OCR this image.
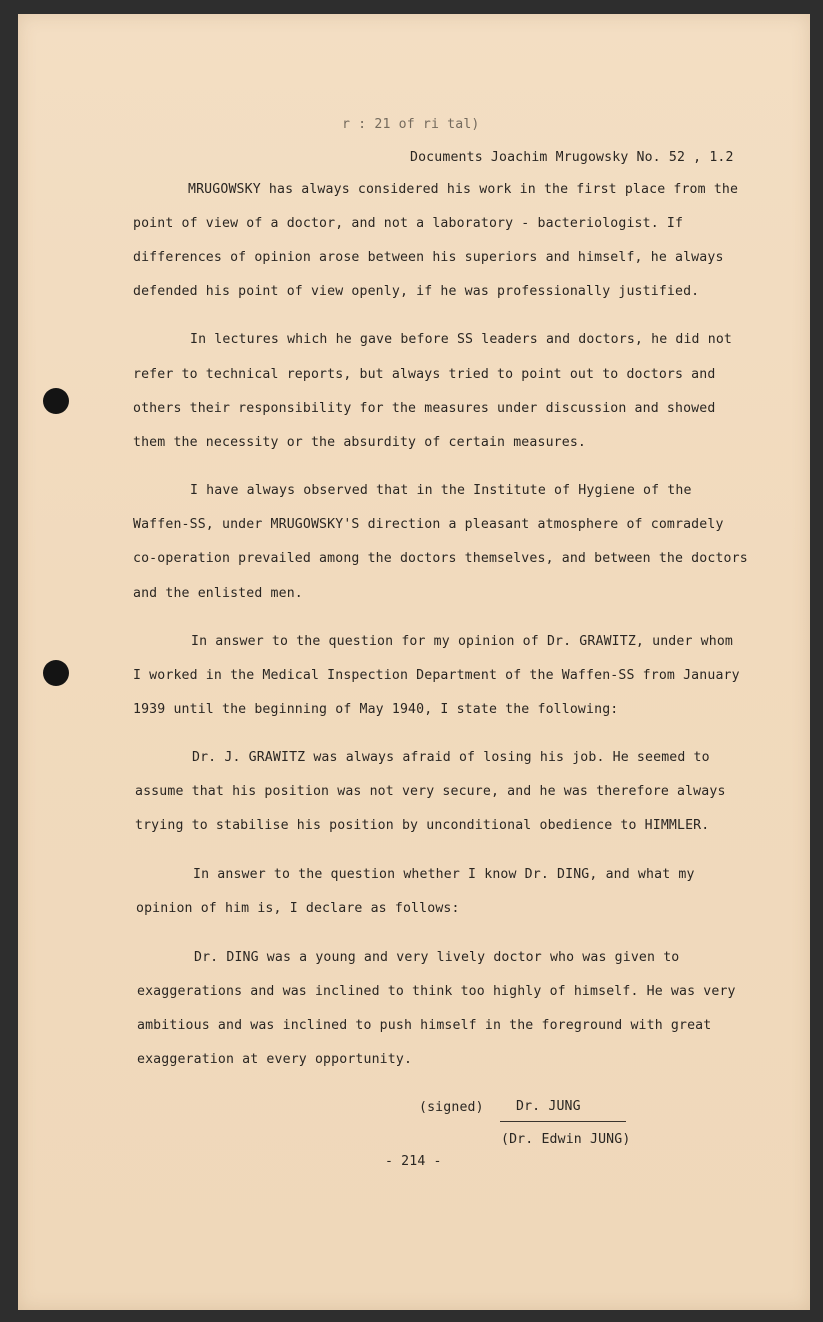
r : 21 of ri tal)
Documents Joachim Mrugowsky No. 52 , 1.2
MRUGOWSKY has always considered his work in the first place from the
point of view of a doctor, and not a laboratory - bacteriologist. If
differences of opinion arose between his superiors and himself, he always
defended his point of view openly, if he was professionally justified.
In lectures which he gave before SS leaders and doctors, he did not
refer to technical reports, but always tried to point out to doctors and
others their responsibility for the measures under discussion and showed
them the necessity or the absurdity of certain measures.
I have always observed that in the Institute of Hygiene of the
Waffen-SS, under MRUGOWSKY'S direction a pleasant atmosphere of comradely
co-operation prevailed among the doctors themselves, and between the doctors
and the enlisted men.
In answer to the question for my opinion of Dr. GRAWITZ, under whom
I worked in the Medical Inspection Department of the Waffen-SS from January
1939 until the beginning of May 1940, I state the following:
Dr. J. GRAWITZ was always afraid of losing his job. He seemed to
assume that his position was not very secure, and he was therefore always
trying to stabilise his position by unconditional obedience to HIMMLER.
In answer to the question whether I know Dr. DING, and what my
opinion of him is, I declare as follows:
Dr. DING was a young and very lively doctor who was given to
exaggerations and was inclined to think too highly of himself. He was very
ambitious and was inclined to push himself in the foreground with great
exaggeration at every opportunity.
(signed) Dr. JUNG
(Dr. Edwin JUNG)
- 214 -
